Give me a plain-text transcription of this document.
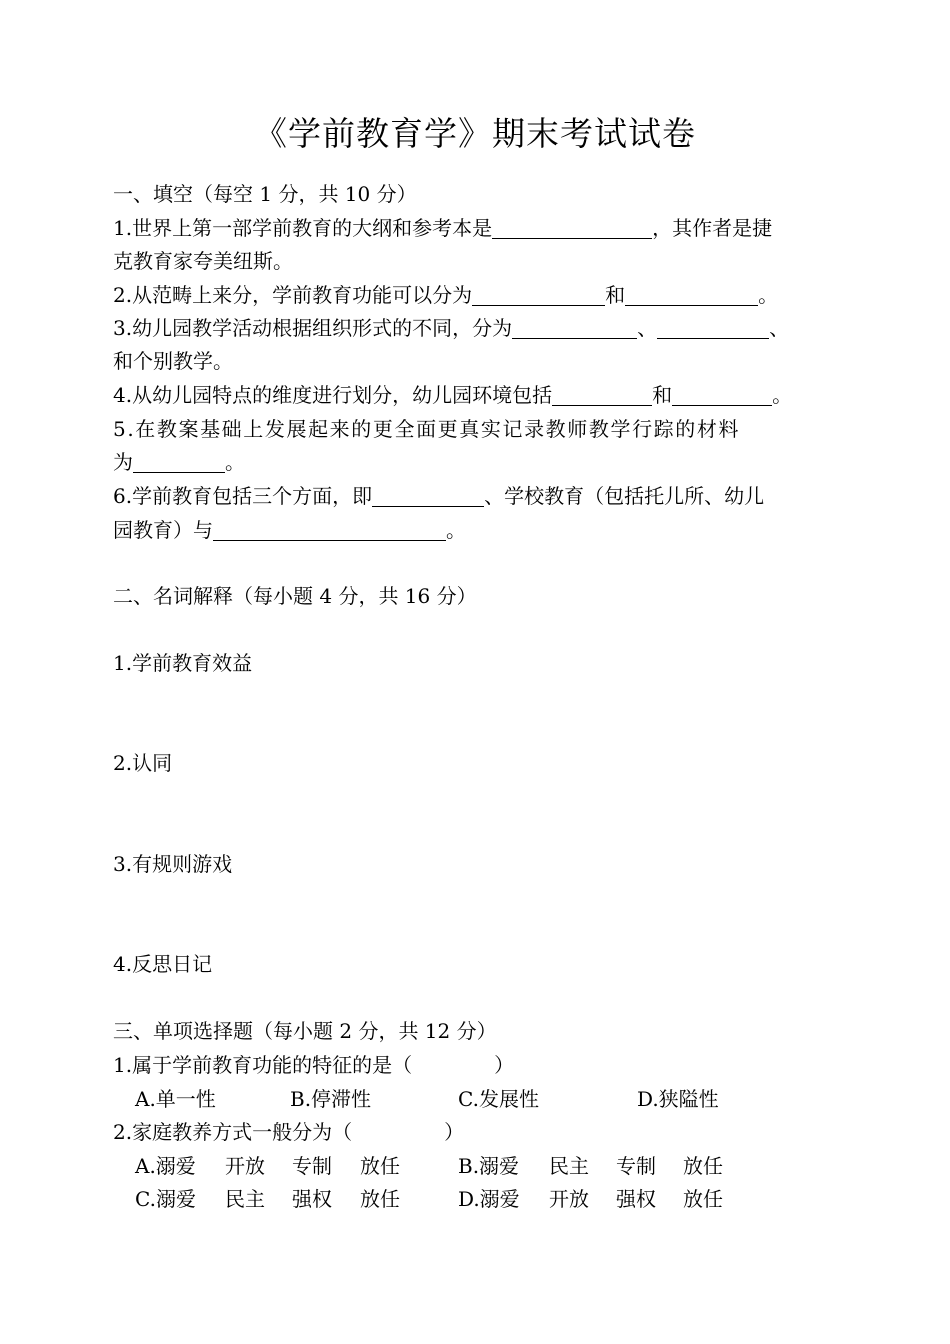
《学前教育学》期末考试试卷
一、填空（每空 1 分，共 10 分）
1.世界上第一部学前教育的大纲和参考本是	，其作者是捷
克教育家夸美纽斯。
2.从范畴上来分，学前教育功能可以分为	和	。
3.幼儿园教学活动根据组织形式的不同，分为	、	、
和个别教学。
4.从幼儿园特点的维度进行划分，幼儿园环境包括	和	。
5.在教案基础上发展起来的更全面更真实记录教师教学行踪的材料
为	。
6.学前教育包括三个方面，即	、学校教育（包括托儿所、幼儿
园教育）与	。
二、名词解释（每小题 4 分，共 16 分）
1.学前教育效益
2.认同
3.有规则游戏
4.反思日记
三、单项选择题（每小题 2 分，共 12 分）
1.属于学前教育功能的特征的是（	）
A.单一性	B.停滞性	C.发展性	D.狭隘性
2.家庭教养方式一般分为（	）
A.溺爱 开放 专制 放任	B.溺爱 民主 专制 放任
C.溺爱 民主 强权 放任	D.溺爱 开放 强权 放任
